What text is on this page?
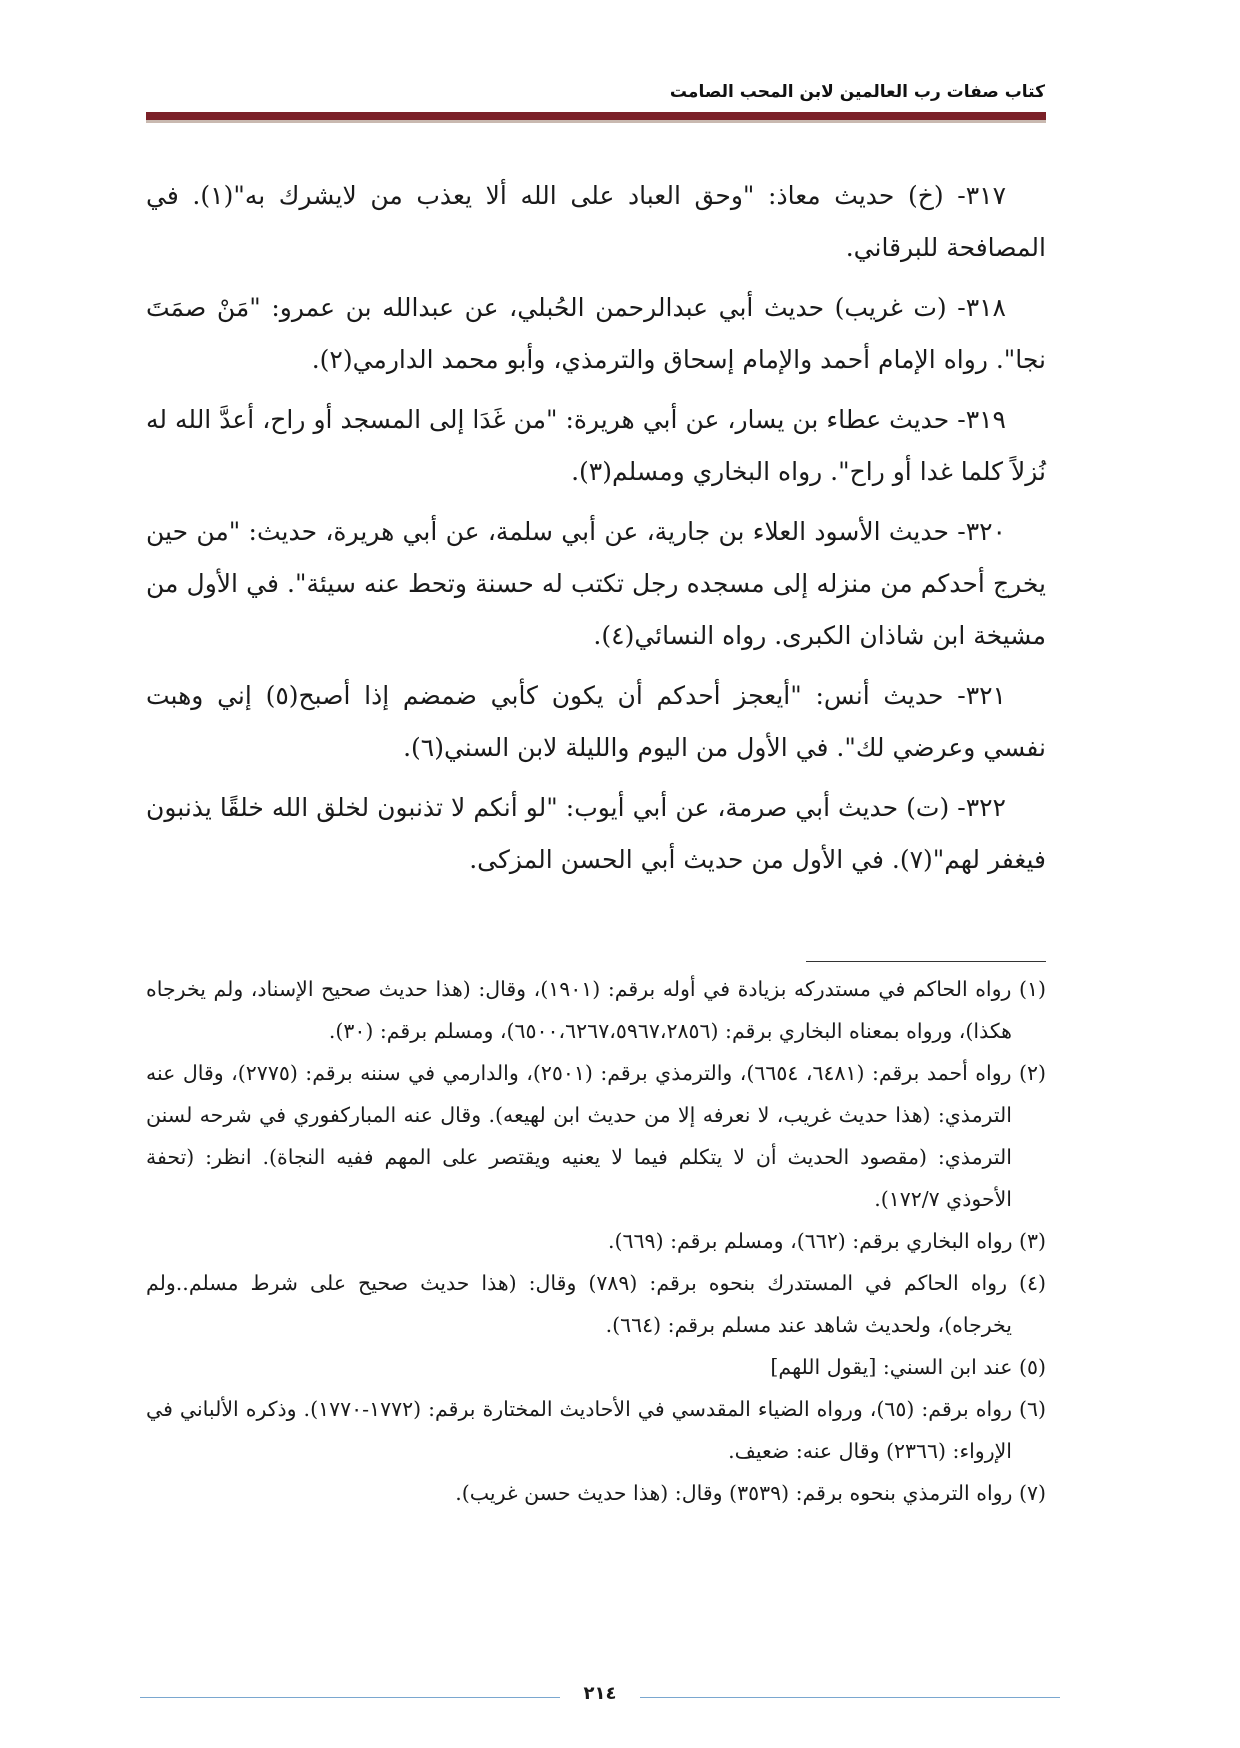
كتاب صفات رب العالمين لابن المحب الصامت

٣١٧- (خ) حديث معاذ: "وحق العباد على الله ألا يعذب من لايشرك به"(١). في المصافحة للبرقاني.

٣١٨- (ت غريب) حديث أبي عبدالرحمن الحُبلي، عن عبدالله بن عمرو: "مَنْ صمَتَ نجا". رواه الإمام أحمد والإمام إسحاق والترمذي، وأبو محمد الدارمي(٢).

٣١٩- حديث عطاء بن يسار، عن أبي هريرة: "من غَدَا إلى المسجد أو راح، أعدَّ الله له نُزلاً كلما غدا أو راح". رواه البخاري ومسلم(٣).

٣٢٠- حديث الأسود العلاء بن جارية، عن أبي سلمة، عن أبي هريرة، حديث: "من حين يخرج أحدكم من منزله إلى مسجده رجل تكتب له حسنة وتحط عنه سيئة". في الأول من مشيخة ابن شاذان الكبرى. رواه النسائي(٤).

٣٢١- حديث أنس: "أيعجز أحدكم أن يكون كأبي ضمضم إذا أصبح(٥) إني وهبت نفسي وعرضي لك". في الأول من اليوم والليلة لابن السني(٦).

٣٢٢- (ت) حديث أبي صرمة، عن أبي أيوب: "لو أنكم لا تذنبون لخلق الله خلقًا يذنبون فيغفر لهم"(٧). في الأول من حديث أبي الحسن المزكى.

(١) رواه الحاكم في مستدركه بزيادة في أوله برقم: (١٩٠١)، وقال: (هذا حديث صحيح الإسناد، ولم يخرجاه هكذا)، ورواه بمعناه البخاري برقم: (٦٥٠٠،٦٢٦٧،٥٩٦٧،٢٨٥٦)، ومسلم برقم: (٣٠).

(٢) رواه أحمد برقم: (٦٤٨١، ٦٦٥٤)، والترمذي برقم: (٢٥٠١)، والدارمي في سننه برقم: (٢٧٧٥)، وقال عنه الترمذي: (هذا حديث غريب، لا نعرفه إلا من حديث ابن لهيعه). وقال عنه المباركفوري في شرحه لسنن الترمذي: (مقصود الحديث أن لا يتكلم فيما لا يعنيه ويقتصر على المهم ففيه النجاة). انظر: (تحفة الأحوذي ١٧٢/٧).

(٣) رواه البخاري برقم: (٦٦٢)، ومسلم برقم: (٦٦٩).

(٤) رواه الحاكم في المستدرك بنحوه برقم: (٧٨٩) وقال: (هذا حديث صحيح على شرط مسلم..ولم يخرجاه)، ولحديث شاهد عند مسلم برقم: (٦٦٤).

(٥) عند ابن السني: [يقول اللهم]

(٦) رواه برقم: (٦٥)، ورواه الضياء المقدسي في الأحاديث المختارة برقم: (١٧٧٢-١٧٧٠). وذكره الألباني في الإرواء: (٢٣٦٦) وقال عنه: ضعيف.

(٧) رواه الترمذي بنحوه برقم: (٣٥٣٩) وقال: (هذا حديث حسن غريب).

٢١٤
